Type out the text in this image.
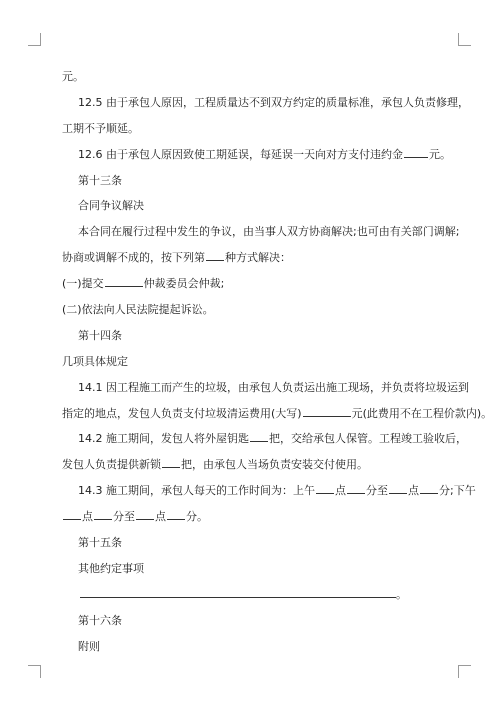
元。
12.5 由于承包人原因，工程质量达不到双方约定的质量标准，承包人负责修理，
工期不予顺延。
12.6 由于承包人原因致使工期延误，每延误一天向对方支付违约金 元。
第十三条
合同争议解决
本合同在履行过程中发生的争议，由当事人双方协商解决;也可由有关部门调解;
协商或调解不成的，按下列第 种方式解决：
(一)提交	仲裁委员会仲裁;
(二)依法向人民法院提起诉讼。
第十四条
几项具体规定
14.1 因工程施工而产生的垃圾，由承包人负责运出施工现场，并负责将垃圾运到
指定的地点，发包人负责支付垃圾清运费用(大写)	元(此费用不在工程价款内)。
14.2 施工期间，发包人将外屋钥匙 把，交给承包人保管。工程竣工验收后，
发包人负责提供新锁 把，由承包人当场负责安装交付使用。
14.3 施工期间，承包人每天的工作时间为：上午 点 分至 点 分;下午
点 分至 点 分。
第十五条
其他约定事项
。
第十六条
附则
